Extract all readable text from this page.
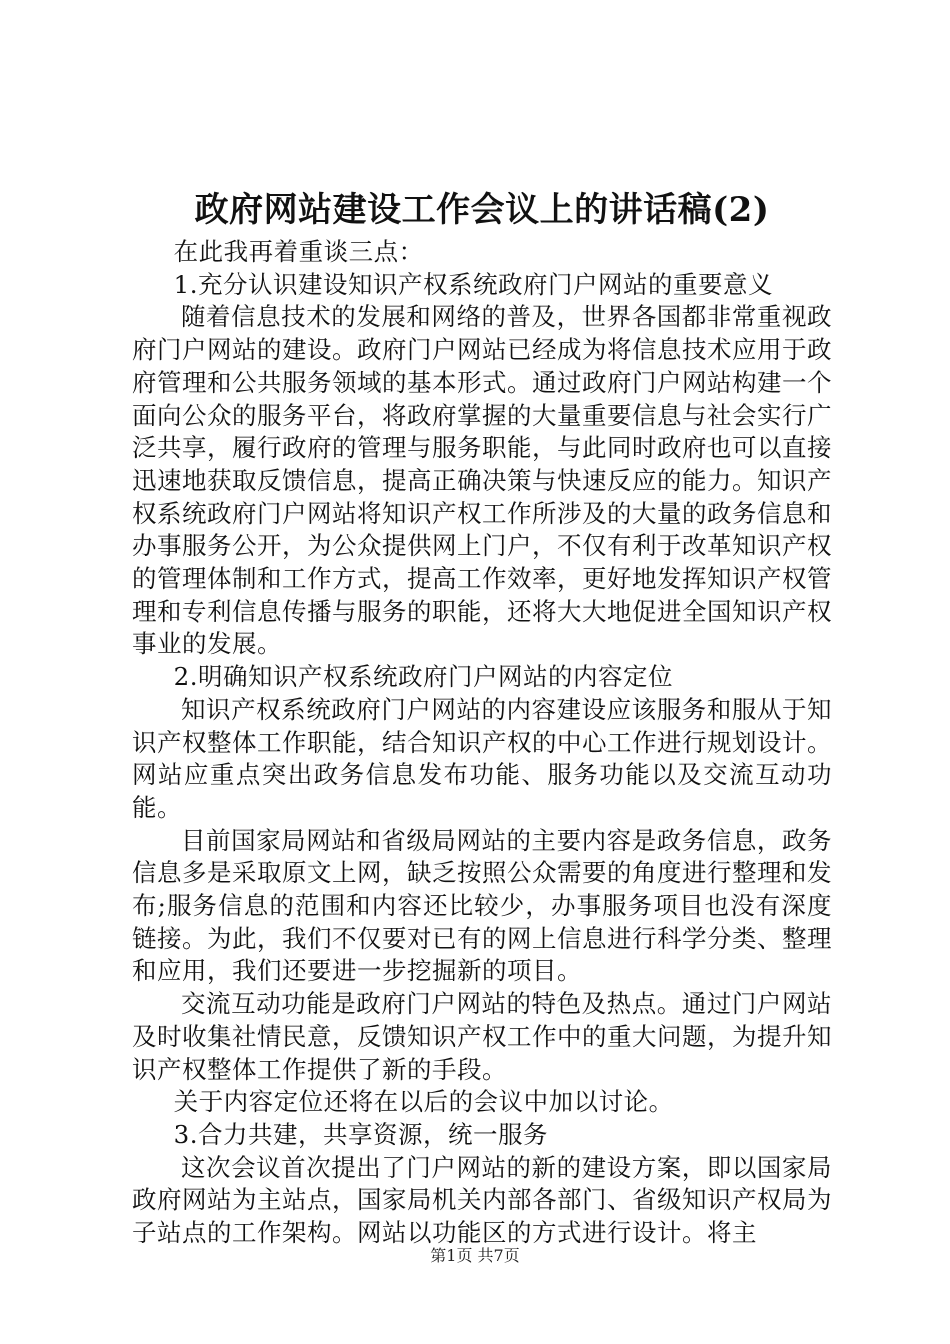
政府网站建设工作会议上的讲话稿(2)

在此我再着重谈三点：

1.充分认识建设知识产权系统政府门户网站的重要意义

随着信息技术的发展和网络的普及，世界各国都非常重视政府门户网站的建设。政府门户网站已经成为将信息技术应用于政府管理和公共服务领域的基本形式。通过政府门户网站构建一个面向公众的服务平台，将政府掌握的大量重要信息与社会实行广泛共享，履行政府的管理与服务职能，与此同时政府也可以直接迅速地获取反馈信息，提高正确决策与快速反应的能力。知识产权系统政府门户网站将知识产权工作所涉及的大量的政务信息和办事服务公开，为公众提供网上门户，不仅有利于改革知识产权的管理体制和工作方式，提高工作效率，更好地发挥知识产权管理和专利信息传播与服务的职能，还将大大地促进全国知识产权事业的发展。

2.明确知识产权系统政府门户网站的内容定位

知识产权系统政府门户网站的内容建设应该服务和服从于知识产权整体工作职能，结合知识产权的中心工作进行规划设计。网站应重点突出政务信息发布功能、服务功能以及交流互动功能。

目前国家局网站和省级局网站的主要内容是政务信息，政务信息多是采取原文上网，缺乏按照公众需要的角度进行整理和发布;服务信息的范围和内容还比较少，办事服务项目也没有深度链接。为此，我们不仅要对已有的网上信息进行科学分类、整理和应用，我们还要进一步挖掘新的项目。

交流互动功能是政府门户网站的特色及热点。通过门户网站及时收集社情民意，反馈知识产权工作中的重大问题，为提升知识产权整体工作提供了新的手段。

关于内容定位还将在以后的会议中加以讨论。

3.合力共建，共享资源，统一服务

这次会议首次提出了门户网站的新的建设方案，即以国家局政府网站为主站点，国家局机关内部各部门、省级知识产权局为子站点的工作架构。网站以功能区的方式进行设计。将主

第1页 共7页
